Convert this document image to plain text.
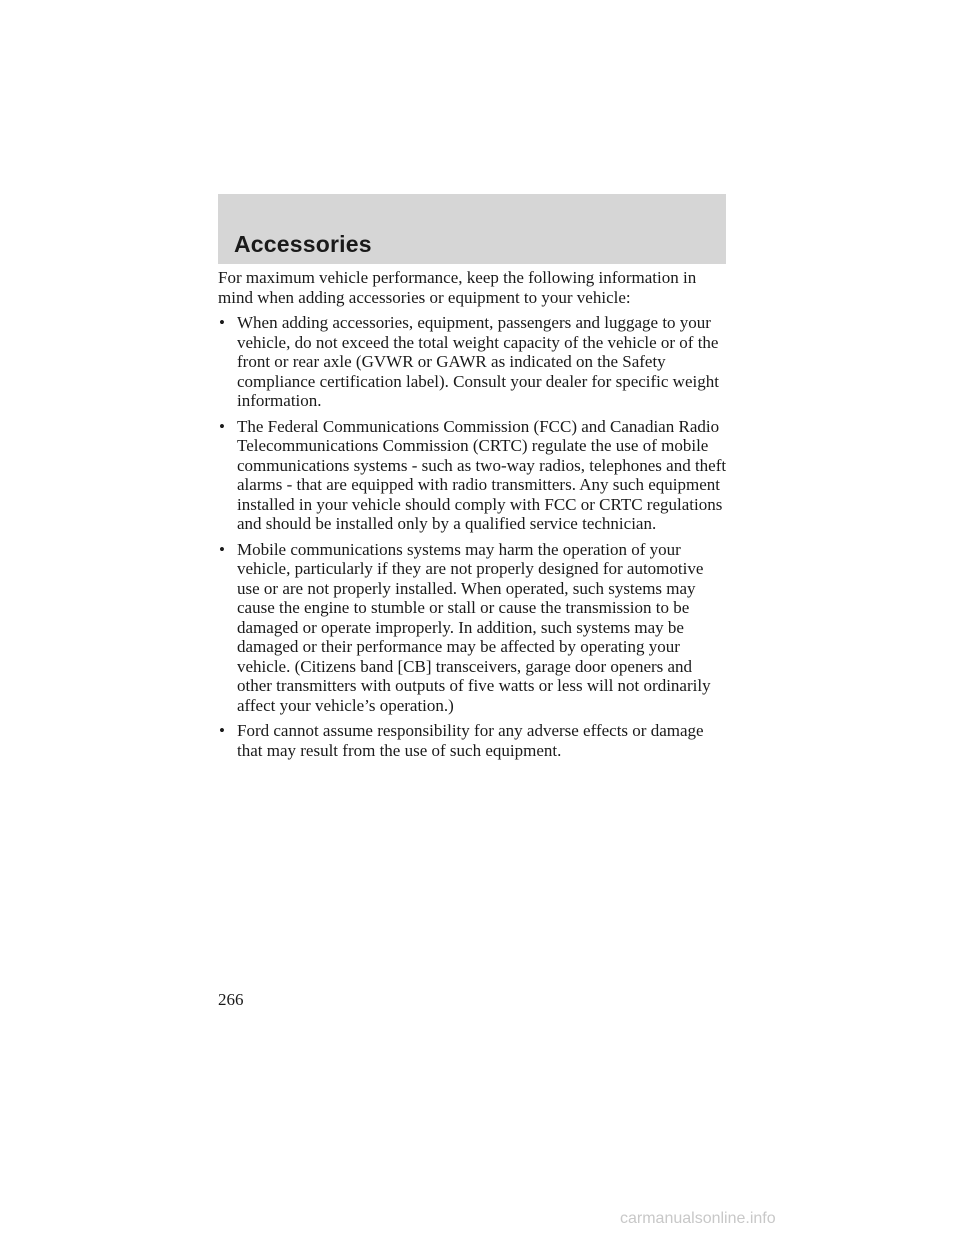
Accessories

For maximum vehicle performance, keep the following information in mind when adding accessories or equipment to your vehicle:

• When adding accessories, equipment, passengers and luggage to your vehicle, do not exceed the total weight capacity of the vehicle or of the front or rear axle (GVWR or GAWR as indicated on the Safety compliance certification label). Consult your dealer for specific weight information.
• The Federal Communications Commission (FCC) and Canadian Radio Telecommunications Commission (CRTC) regulate the use of mobile communications systems - such as two-way radios, telephones and theft alarms - that are equipped with radio transmitters. Any such equipment installed in your vehicle should comply with FCC or CRTC regulations and should be installed only by a qualified service technician.
• Mobile communications systems may harm the operation of your vehicle, particularly if they are not properly designed for automotive use or are not properly installed. When operated, such systems may cause the engine to stumble or stall or cause the transmission to be damaged or operate improperly. In addition, such systems may be damaged or their performance may be affected by operating your vehicle. (Citizens band [CB] transceivers, garage door openers and other transmitters with outputs of five watts or less will not ordinarily affect your vehicle’s operation.)
• Ford cannot assume responsibility for any adverse effects or damage that may result from the use of such equipment.

266

carmanualsonline.info
